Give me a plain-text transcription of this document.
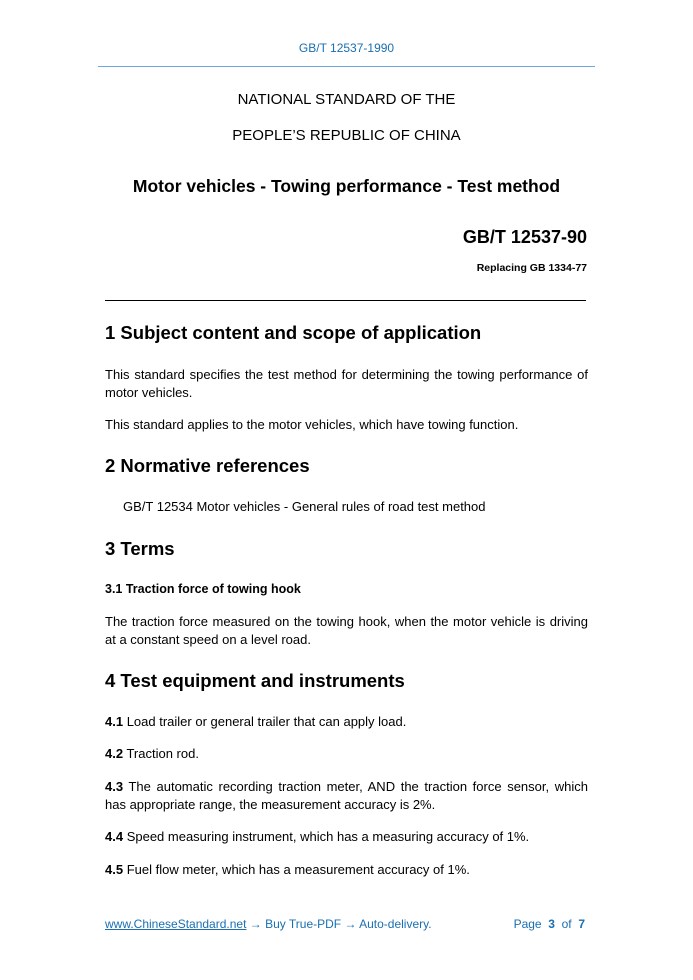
GB/T 12537-1990
NATIONAL STANDARD OF THE
PEOPLE’S REPUBLIC OF CHINA
Motor vehicles - Towing performance - Test method
GB/T 12537-90
Replacing GB 1334-77
1 Subject content and scope of application
This standard specifies the test method for determining the towing performance of motor vehicles.
This standard applies to the motor vehicles, which have towing function.
2 Normative references
GB/T 12534 Motor vehicles - General rules of road test method
3 Terms
3.1 Traction force of towing hook
The traction force measured on the towing hook, when the motor vehicle is driving at a constant speed on a level road.
4 Test equipment and instruments
4.1 Load trailer or general trailer that can apply load.
4.2 Traction rod.
4.3 The automatic recording traction meter, AND the traction force sensor, which has appropriate range, the measurement accuracy is 2%.
4.4 Speed measuring instrument, which has a measuring accuracy of 1%.
4.5 Fuel flow meter, which has a measurement accuracy of 1%.
www.ChineseStandard.net → Buy True-PDF → Auto-delivery.	Page 3 of 7
